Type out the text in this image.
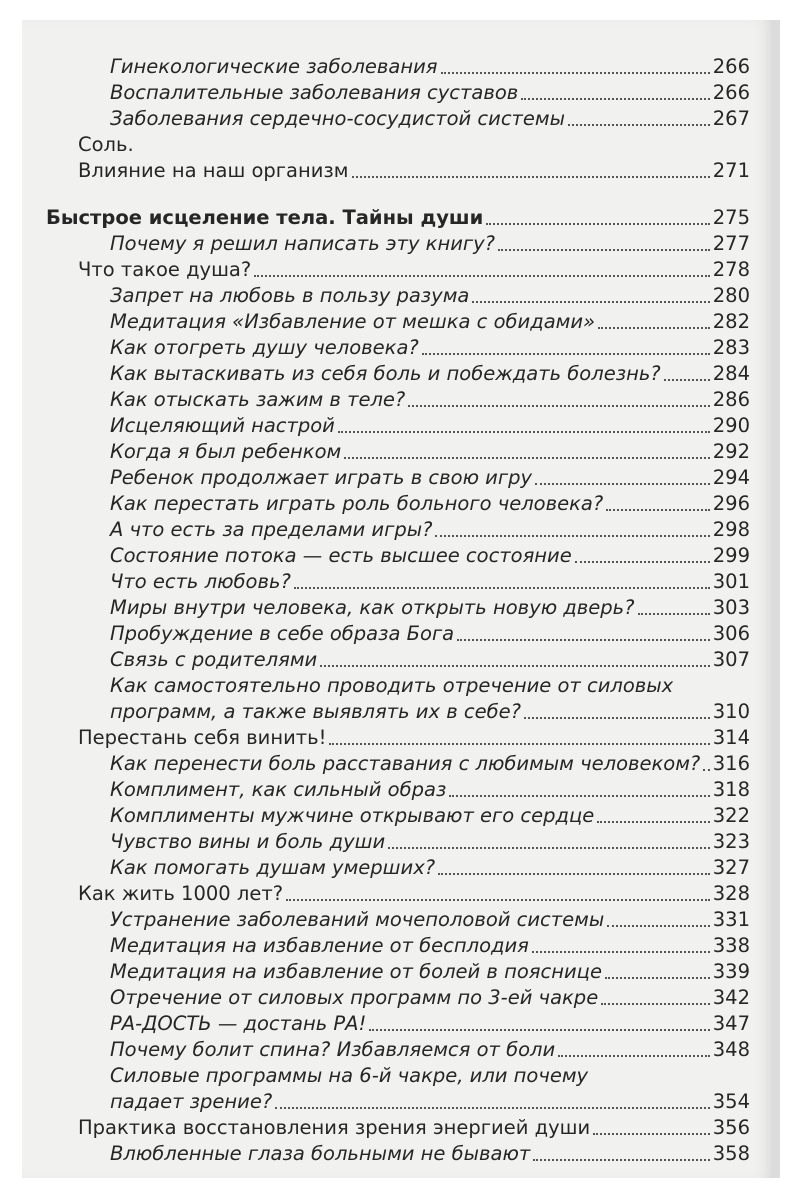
Гинекологические заболевания	266
Воспалительные заболевания суставов	266
Заболевания сердечно-сосудистой системы	267
Соль.
Влияние на наш организм	271
Быстрое исцеление тела. Тайны души	275
Почему я решил написать эту книгу?	277
Что такое душа?	278
Запрет на любовь в пользу разума	280
Медитация «Избавление от мешка с обидами»	282
Как отогреть душу человека?	283
Как вытаскивать из себя боль и побеждать болезнь?	284
Как отыскать зажим в теле?	286
Исцеляющий настрой	290
Когда я был ребенком	292
Ребенок продолжает играть в свою игру	294
Как перестать играть роль больного человека?	296
А что есть за пределами игры?	298
Состояние потока — есть высшее состояние	299
Что есть любовь?	301
Миры внутри человека, как открыть новую дверь?	303
Пробуждение в себе образа Бога	306
Связь с родителями	307
Как самостоятельно проводить отречение от силовых
программ, а также выявлять их в себе?	310
Перестань себя винить!	314
Как перенести боль расставания с любимым человеком? 316
Комплимент, как сильный образ	318
Комплименты мужчине открывают его сердце	322
Чувство вины и боль души	323
Как помогать душам умерших?	327
Как жить 1000 лет?	328
Устранение заболеваний мочеполовой системы	331
Медитация на избавление от бесплодия	338
Медитация на избавление от болей в пояснице	339
Отречение от силовых программ по 3-ей чакре	342
РА-ДОСТЬ — достань РА!	347
Почему болит спина? Избавляемся от боли	348
Силовые программы на 6-й чакре, или почему
падает зрение?	354
Практика восстановления зрения энергией души	356
Влюбленные глаза больными не бывают	358
